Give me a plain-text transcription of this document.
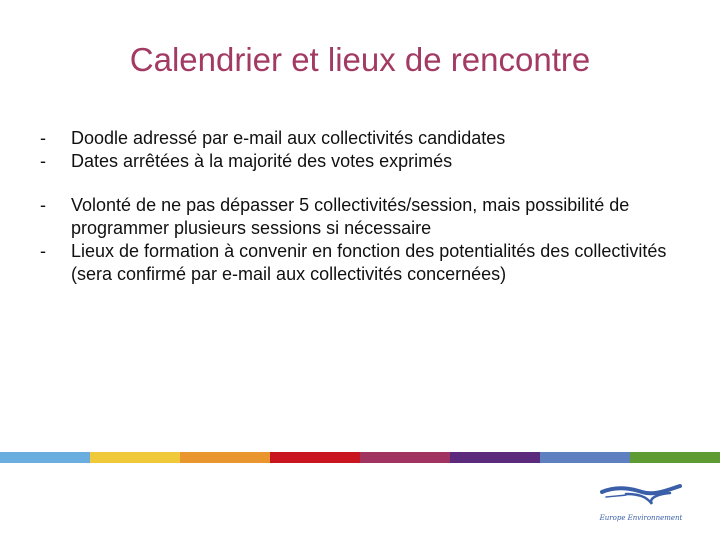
Calendrier et lieux de rencontre
- Doodle adressé par e-mail aux collectivités candidates
- Dates arrêtées à la majorité des votes exprimés
- Volonté de ne pas dépasser 5 collectivités/session, mais possibilité de programmer plusieurs sessions si nécessaire
- Lieux de formation à convenir en fonction des potentialités des collectivités (sera confirmé par e-mail aux collectivités concernées)
Europe Environnement
